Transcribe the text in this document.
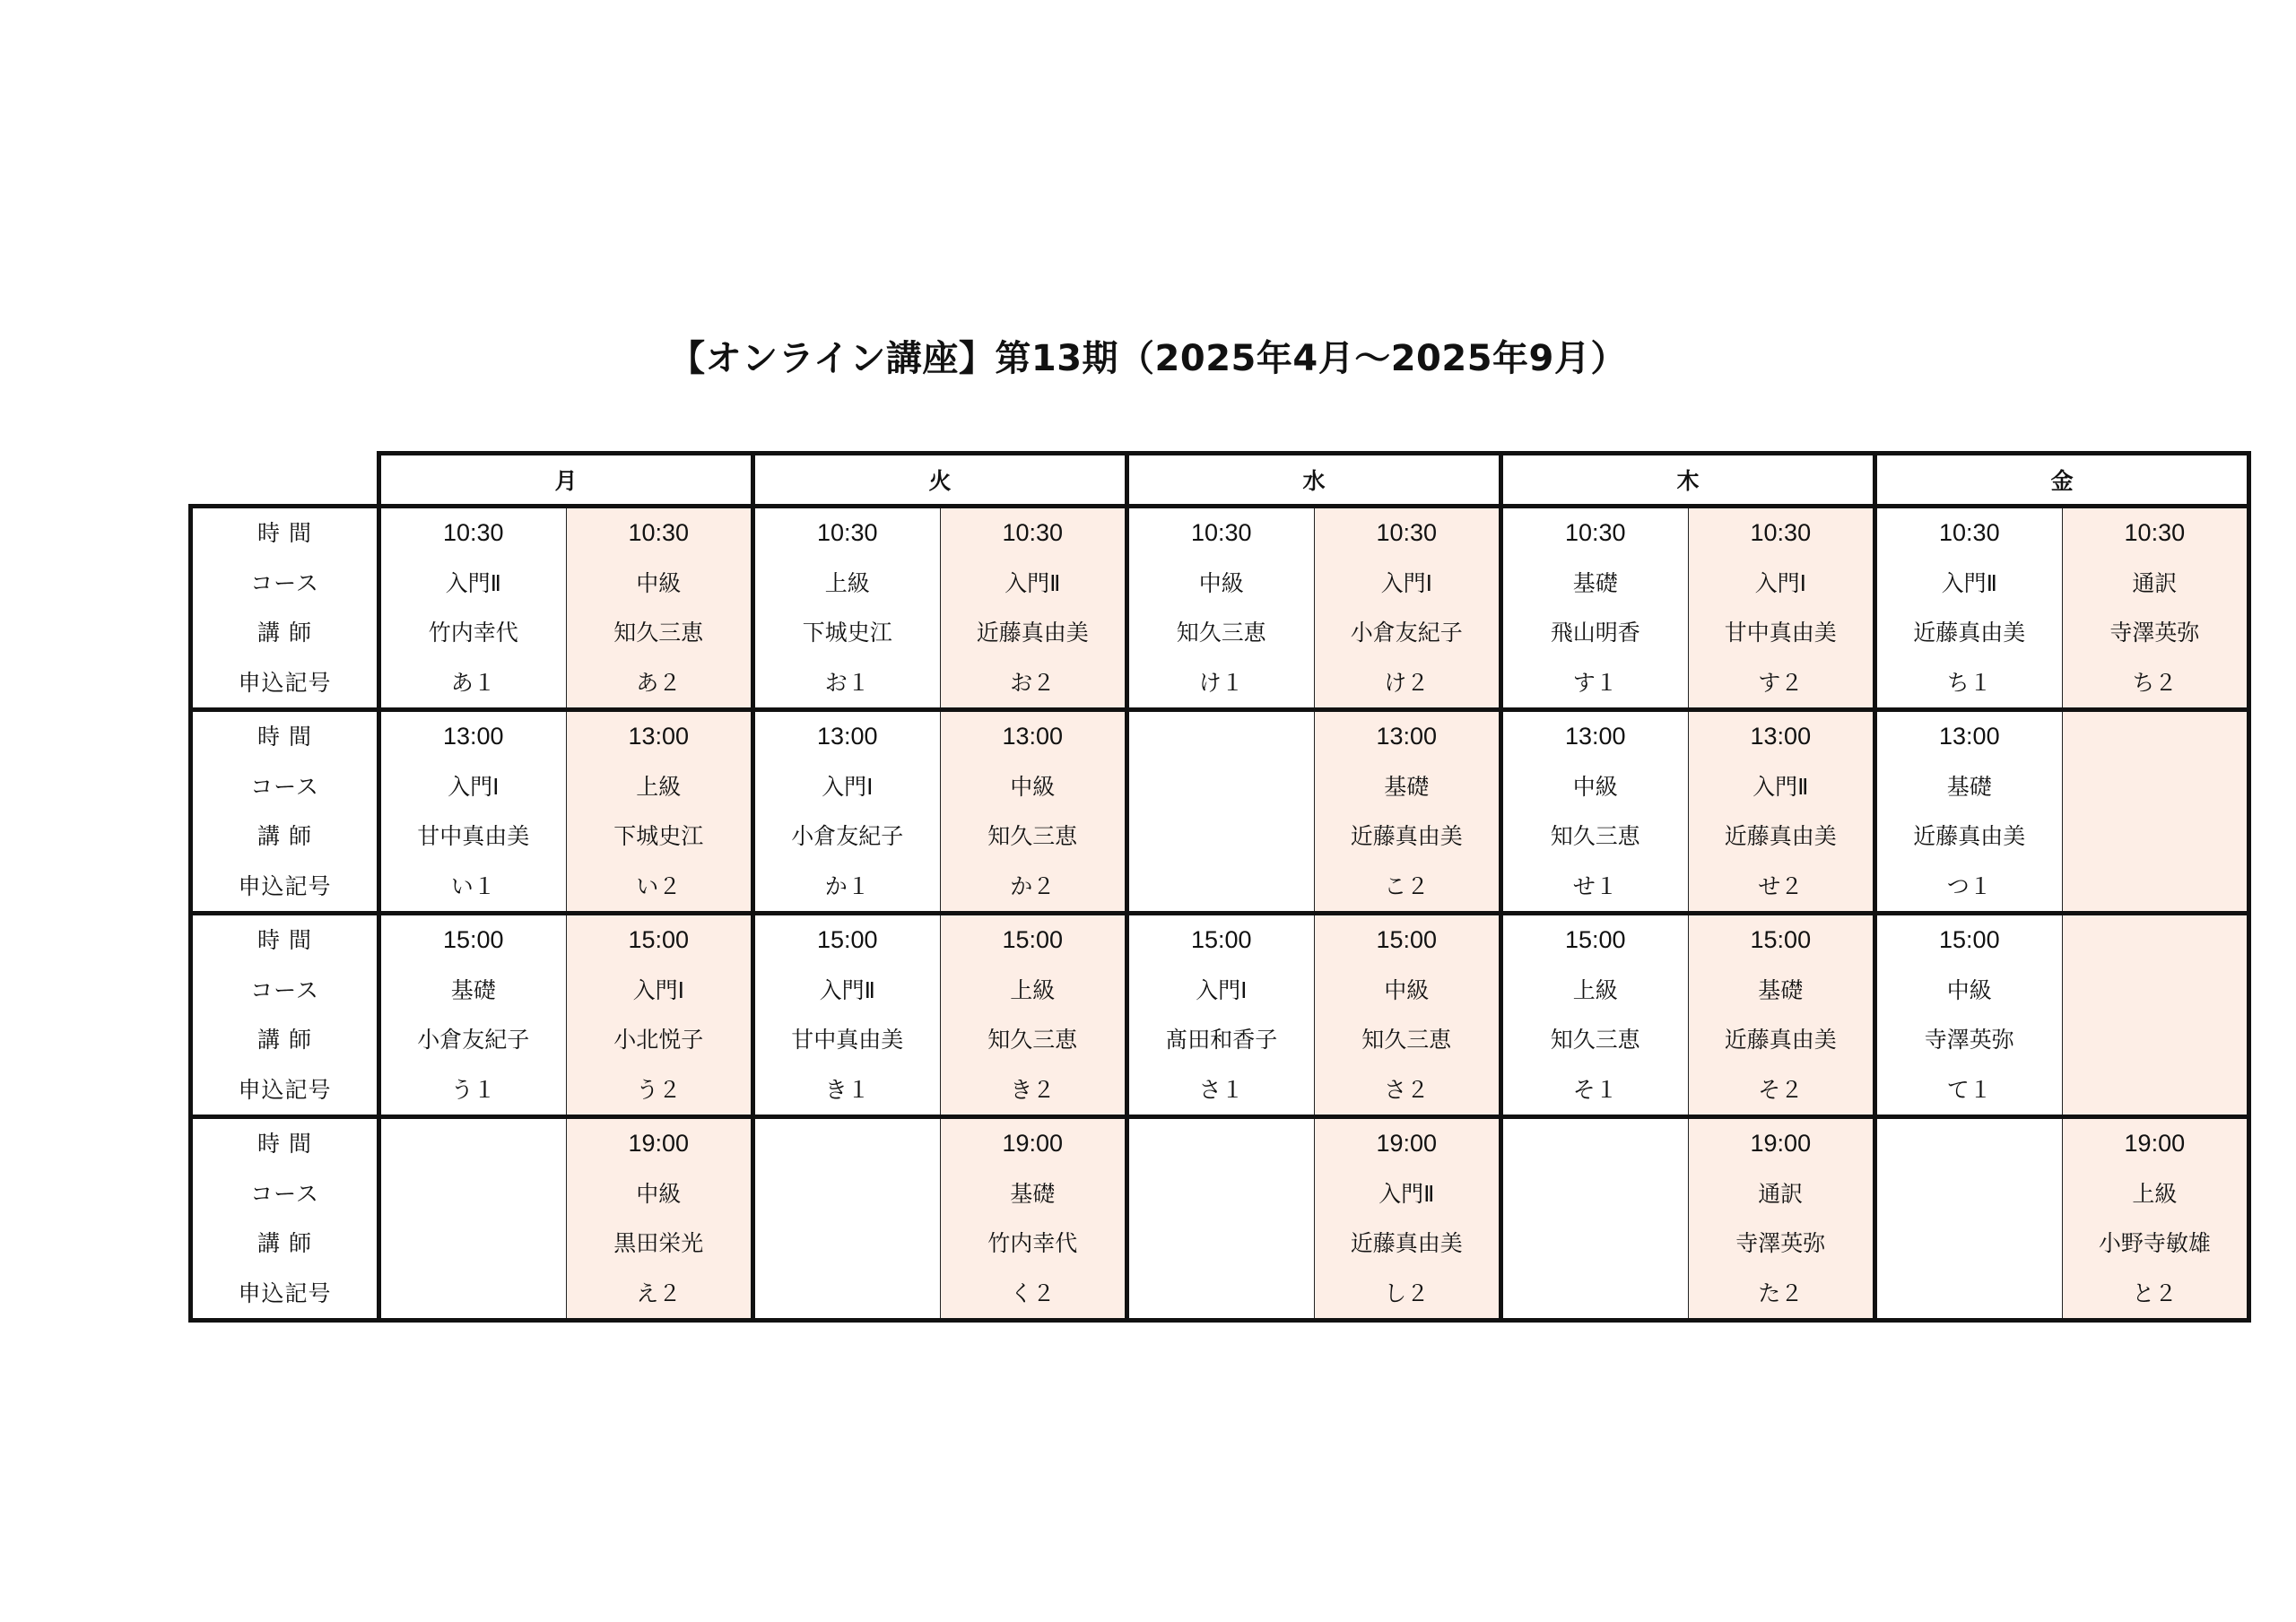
【オンライン講座】第13期（2025年4月～2025年9月）
	月		火		水		木		金	
時 間	10:30	10:30	10:30	10:30	10:30	10:30	10:30	10:30	10:30	10:30
コース	入門Ⅱ	中級	上級	入門Ⅱ	中級	入門Ⅰ	基礎	入門Ⅰ	入門Ⅱ	通訳
講 師	竹内幸代	知久三恵	下城史江	近藤真由美	知久三恵	小倉友紀子	飛山明香	甘中真由美	近藤真由美	寺澤英弥
申込記号	あ１	あ２	お１	お２	け１	け２	す１	す２	ち１	ち２
時 間	13:00	13:00	13:00	13:00		13:00	13:00	13:00	13:00	
コース	入門Ⅰ	上級	入門Ⅰ	中級		基礎	中級	入門Ⅱ	基礎	
講 師	甘中真由美	下城史江	小倉友紀子	知久三恵		近藤真由美	知久三恵	近藤真由美	近藤真由美	
申込記号	い１	い２	か１	か２		こ２	せ１	せ２	つ１	
時 間	15:00	15:00	15:00	15:00	15:00	15:00	15:00	15:00	15:00	
コース	基礎	入門Ⅰ	入門Ⅱ	上級	入門Ⅰ	中級	上級	基礎	中級	
講 師	小倉友紀子	小北悦子	甘中真由美	知久三恵	髙田和香子	知久三恵	知久三恵	近藤真由美	寺澤英弥	
申込記号	う１	う２	き１	き２	さ１	さ２	そ１	そ２	て１	
時 間		19:00		19:00		19:00		19:00		19:00
コース		中級		基礎		入門Ⅱ		通訳		上級
講 師		黒田栄光		竹内幸代		近藤真由美		寺澤英弥		小野寺敏雄
申込記号		え２		く２		し２		た２		と２
